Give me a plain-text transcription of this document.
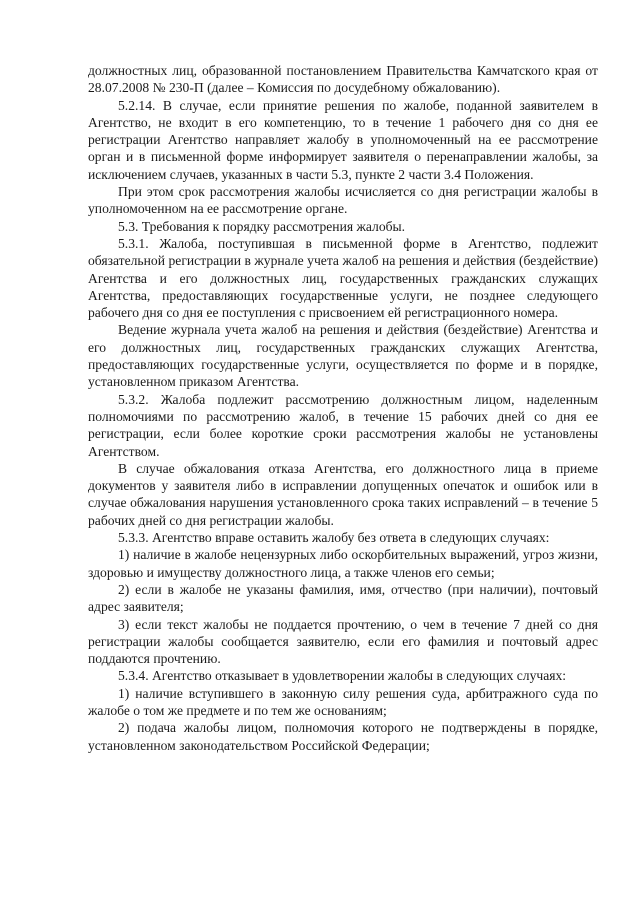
должностных лиц, образованной постановлением Правительства Камчатского края от 28.07.2008 № 230-П (далее – Комиссия по досудебному обжалованию).

5.2.14. В случае, если принятие решения по жалобе, поданной заявителем в Агентство, не входит в его компетенцию, то в течение 1 рабочего дня со дня ее регистрации Агентство направляет жалобу в уполномоченный на ее рассмотрение орган и в письменной форме информирует заявителя о перенаправлении жалобы, за исключением случаев, указанных в части 5.3, пункте 2 части 3.4 Положения.

При этом срок рассмотрения жалобы исчисляется со дня регистрации жалобы в уполномоченном на ее рассмотрение органе.

5.3. Требования к порядку рассмотрения жалобы.

5.3.1. Жалоба, поступившая в письменной форме в Агентство, подлежит обязательной регистрации в журнале учета жалоб на решения и действия (бездействие) Агентства и его должностных лиц, государственных гражданских служащих Агентства, предоставляющих государственные услуги, не позднее следующего рабочего дня со дня ее поступления с присвоением ей регистрационного номера.

Ведение журнала учета жалоб на решения и действия (бездействие) Агентства и его должностных лиц, государственных гражданских служащих Агентства, предоставляющих государственные услуги, осуществляется по форме и в порядке, установленном приказом Агентства.

5.3.2. Жалоба подлежит рассмотрению должностным лицом, наделенным полномочиями по рассмотрению жалоб, в течение 15 рабочих дней со дня ее регистрации, если более короткие сроки рассмотрения жалобы не установлены Агентством.

В случае обжалования отказа Агентства, его должностного лица в приеме документов у заявителя либо в исправлении допущенных опечаток и ошибок или в случае обжалования нарушения установленного срока таких исправлений – в течение 5 рабочих дней со дня регистрации жалобы.

5.3.3. Агентство вправе оставить жалобу без ответа в следующих случаях:

1) наличие в жалобе нецензурных либо оскорбительных выражений, угроз жизни, здоровью и имуществу должностного лица, а также членов его семьи;

2) если в жалобе не указаны фамилия, имя, отчество (при наличии), почтовый адрес заявителя;

3) если текст жалобы не поддается прочтению, о чем в течение 7 дней со дня регистрации жалобы сообщается заявителю, если его фамилия и почтовый адрес поддаются прочтению.

5.3.4. Агентство отказывает в удовлетворении жалобы в следующих случаях:

1) наличие вступившего в законную силу решения суда, арбитражного суда по жалобе о том же предмете и по тем же основаниям;

2) подача жалобы лицом, полномочия которого не подтверждены в порядке, установленном законодательством Российской Федерации;
